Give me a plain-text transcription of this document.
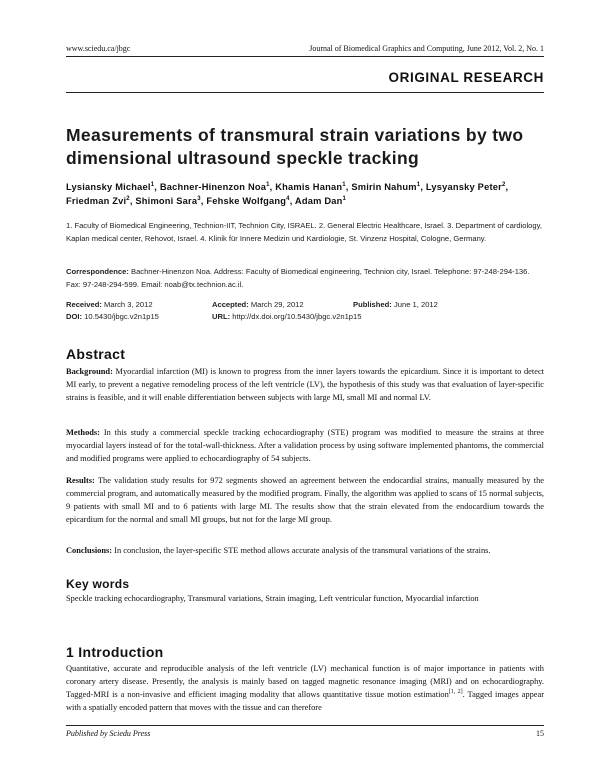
www.sciedu.ca/jbgc	Journal of Biomedical Graphics and Computing, June 2012, Vol. 2, No. 1
ORIGINAL RESEARCH
Measurements of transmural strain variations by two dimensional ultrasound speckle tracking
Lysiansky Michael$^1$, Bachner-Hinenzon Noa$^1$, Khamis Hanan$^1$, Smirin Nahum$^1$, Lysyansky Peter$^2$, Friedman Zvi$^2$, Shimoni Sara$^3$, Fehske Wolfgang$^4$, Adam Dan$^1$
1. Faculty of Biomedical Engineering, Technion-IIT, Technion City, ISRAEL. 2. General Electric Healthcare, Israel. 3. Department of cardiology, Kaplan medical center, Rehovot, Israel. 4. Klinik für Innere Medizin und Kardiologie, St. Vinzenz Hospital, Cologne, Germany.
Correspondence: Bachner-Hinenzon Noa. Address: Faculty of Biomedical engineering, Technion city, Israel. Telephone: 97-248-294-136. Fax: 97-248-294-599. Email: noab@tx.technion.ac.il.
Received: March 3, 2012	Accepted: March 29, 2012	Published: June 1, 2012
DOI: 10.5430/jbgc.v2n1p15	URL: http://dx.doi.org/10.5430/jbgc.v2n1p15
Abstract
Background: Myocardial infarction (MI) is known to progress from the inner layers towards the epicardium. Since it is important to detect MI early, to prevent a negative remodeling process of the left ventricle (LV), the hypothesis of this study was that evaluation of layer-specific strains is feasible, and it will enable differentiation between subjects with large MI, small MI and normal LV.
Methods: In this study a commercial speckle tracking echocardiography (STE) program was modified to measure the strains at three myocardial layers instead of for the total-wall-thickness. After a validation process by using software implemented phantoms, the commercial and modified programs were applied to echocardiography of 54 subjects.
Results: The validation study results for 972 segments showed an agreement between the endocardial strains, manually measured by the commercial program, and automatically measured by the modified program. Finally, the algorithm was applied to scans of 15 normal subjects, 9 patients with small MI and to 6 patients with large MI. The results show that the strain elevated from the endocardium towards the epicardium for the normal and small MI groups, but not for the large MI group.
Conclusions: In conclusion, the layer-specific STE method allows accurate analysis of the transmural variations of the strains.
Key words
Speckle tracking echocardiography, Transmural variations, Strain imaging, Left ventricular function, Myocardial infarction
1 Introduction
Quantitative, accurate and reproducible analysis of the left ventricle (LV) mechanical function is of major importance in patients with coronary artery disease. Presently, the analysis is mainly based on tagged magnetic resonance imaging (MRI) and on echocardiography. Tagged-MRI is a non-invasive and efficient imaging modality that allows quantitative tissue motion estimation[1, 2]. Tagged images appear with a spatially encoded pattern that moves with the tissue and can therefore
Published by Sciedu Press	15
